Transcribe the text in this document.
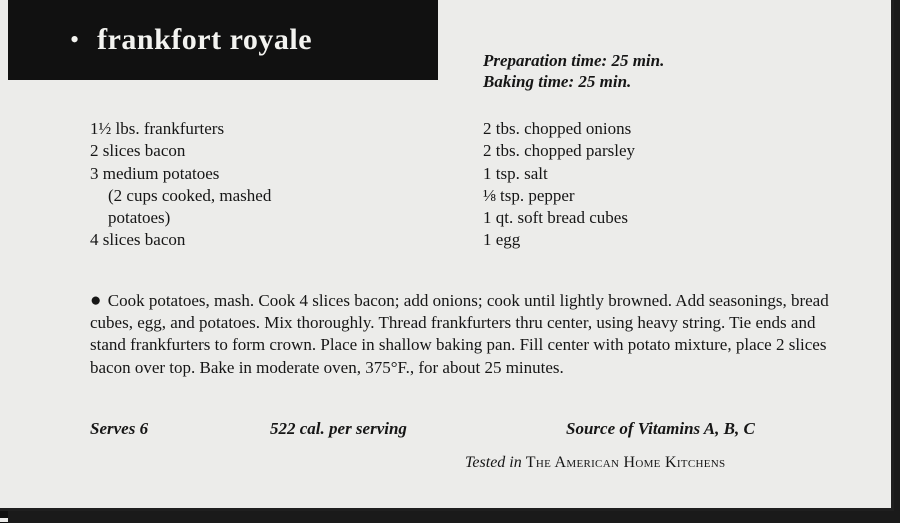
• frankfort royale
Preparation time: 25 min.
Baking time: 25 min.
1½ lbs. frankfurters
2 slices bacon
3 medium potatoes
(2 cups cooked, mashed
potatoes)
4 slices bacon
2 tbs. chopped onions
2 tbs. chopped parsley
1 tsp. salt
⅛ tsp. pepper
1 qt. soft bread cubes
1 egg

● Cook potatoes, mash. Cook 4 slices bacon; add onions; cook until lightly browned. Add seasonings, bread cubes, egg, and potatoes. Mix thoroughly. Thread frankfurters thru center, using heavy string. Tie ends and stand frankfurters to form crown. Place in shallow baking pan. Fill center with potato mixture, place 2 slices bacon over top. Bake in moderate oven, 375°F., for about 25 minutes.

Serves 6	522 cal. per serving	Source of Vitamins A, B, C
Tested in The American Home Kitchens
